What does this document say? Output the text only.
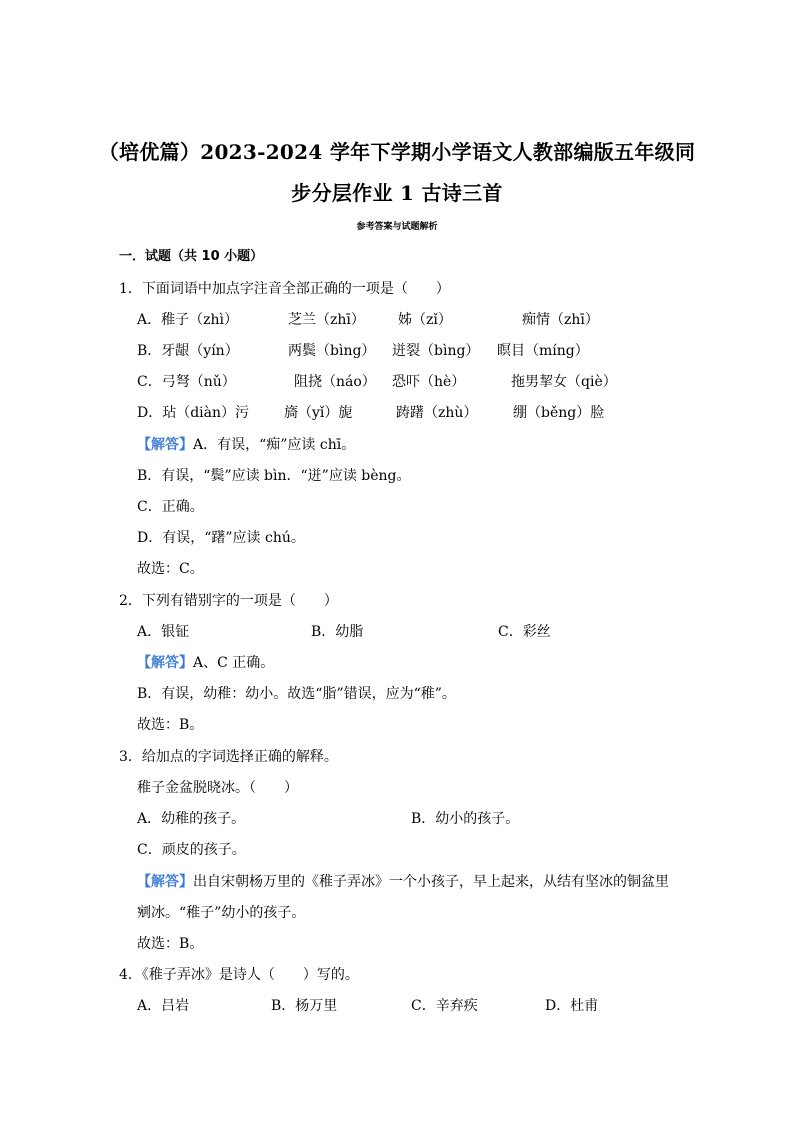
（培优篇）2023-2024 学年下学期小学语文人教部编版五年级同
步分层作业 1 古诗三首
参考答案与试题解析
一．试题（共 10 小题）
1．下面词语中加点字注音全部正确的一项是（　　）
A．稚子（zhì）	芝兰（zhī） 姊（zǐ）	痴情（zhī）
B．牙龈（yín）	两鬓（bìng） 迸裂（bìng） 瞑目（míng）
C．弓弩（nǔ）	阻挠（náo） 恐吓（hè）	拖男挈女（qiè）
D．玷（diàn）污 旖（yǐ）旎	踌躇（zhù）	绷（běng）脸
【解答】A．有误，“痴”应读 chī。
B．有误，“鬓”应读 bìn．“迸”应读 bèng。
C．正确。
D．有误，“躇”应读 chú。
故选：C。
2．下列有错别字的一项是（　　）
A．银钲	B．幼脂	C．彩丝
【解答】A、C 正确。
B．有误，幼稚：幼小。故选“脂”错误，应为“稚”。
故选：B。
3．给加点的字词选择正确的解释。
稚子金盆脱晓冰。（　　）
A．幼稚的孩子。	B．幼小的孩子。
C．顽皮的孩子。
【解答】出自宋朝杨万里的《稚子弄冰》一个小孩子，早上起来，从结有坚冰的铜盆里
剜冰。“稚子”幼小的孩子。
故选：B。
4．《稚子弄冰》是诗人（　　）写的。
A．吕岩	B．杨万里	C．辛弃疾	D．杜甫
